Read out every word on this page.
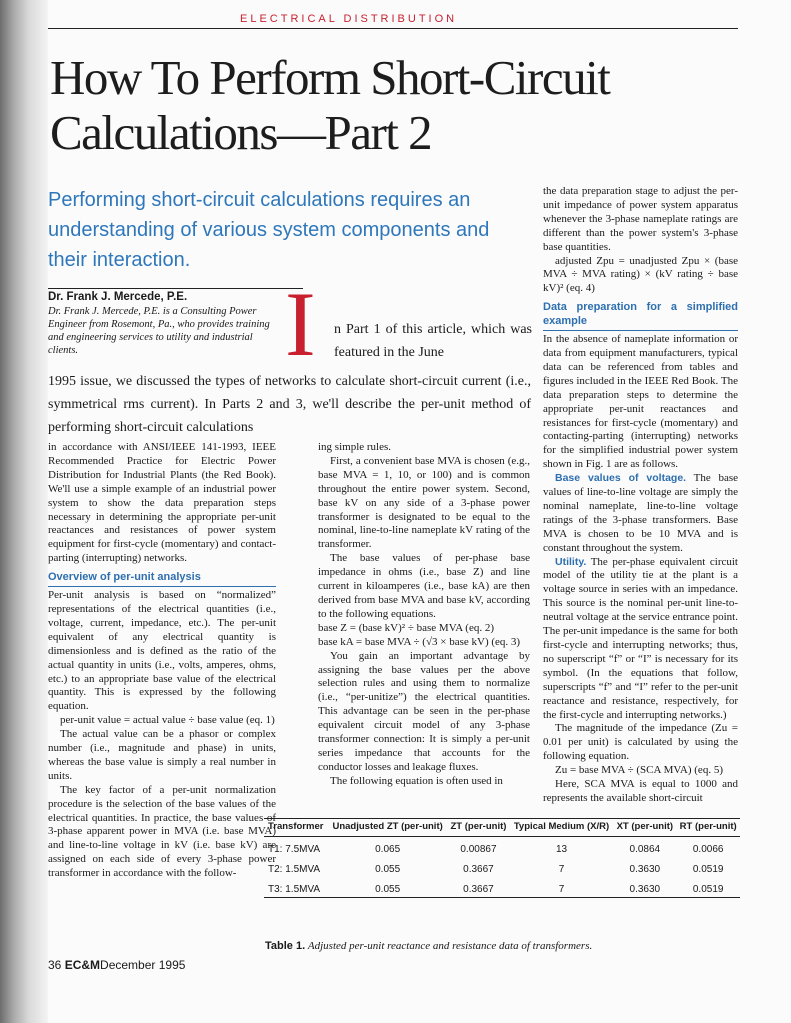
ELECTRICAL DISTRIBUTION
How To Perform Short-Circuit Calculations—Part 2
Performing short-circuit calculations requires an understanding of various system components and their interaction.
Dr. Frank J. Mercede, P.E.
Dr. Frank J. Mercede, P.E. is a Consulting Power Engineer from Rosemont, Pa., who provides training and engineering services to utility and industrial clients.	I n Part 1 of this article, which was featured in the June
1995 issue, we discussed the types of networks to calculate short-circuit current (i.e., symmetrical rms current). In Parts 2 and 3, we'll describe the per-unit method of performing short-circuit calculations

in accordance with ANSI/IEEE 141-1993, IEEE Recommended Practice for Electric Power Distribution for Industrial Plants (the Red Book). We'll use a simple example of an industrial power system to show the data preparation steps necessary in determining the appropriate per-unit reactances and resistances of power system equipment for first-cycle (momentary) and contact-parting (interrupting) networks.

Overview of per-unit analysis

Per-unit analysis is based on “normalized” representations of the electrical quantities (i.e., voltage, current, impedance, etc.). The per-unit equivalent of any electrical quantity is dimensionless and is defined as the ratio of the actual quantity in units (i.e., volts, amperes, ohms, etc.) to an appropriate base value of the electrical quantity. This is expressed by the following equation.

per-unit value = actual value ÷ base value (eq. 1)

The actual value can be a phasor or complex number (i.e., magnitude and phase) in units, whereas the base value is simply a real number in units.

The key factor of a per-unit normalization procedure is the selection of the base values of the electrical quantities. In practice, the base values of 3-phase apparent power in MVA (i.e. base MVA) and line-to-line voltage in kV (i.e. base kV) are assigned on each side of every 3-phase power transformer in accordance with the follow-

ing simple rules.

First, a convenient base MVA is chosen (e.g., base MVA = 1, 10, or 100) and is common throughout the entire power system. Second, base kV on any side of a 3-phase power transformer is designated to be equal to the nominal, line-to-line nameplate kV rating of the transformer.

The base values of per-phase base impedance in ohms (i.e., base Z) and line current in kiloamperes (i.e., base kA) are then derived from base MVA and base kV, according to the following equations.

base Z = (base kV)² ÷ base MVA (eq. 2)

base kA = base MVA ÷ (√3 × base kV) (eq. 3)

You gain an important advantage by assigning the base values per the above selection rules and using them to normalize (i.e., “per-unitize”) the electrical quantities. This advantage can be seen in the per-phase equivalent circuit model of any 3-phase transformer connection: It is simply a per-unit series impedance that accounts for the conductor losses and leakage fluxes.

The following equation is often used in

the data preparation stage to adjust the per-unit impedance of power system apparatus whenever the 3-phase nameplate ratings are different than the power system's 3-phase base quantities.

adjusted Zpu = unadjusted Zpu × (base MVA ÷ MVA rating) × (kV rating ÷ base kV)² (eq. 4)

Data preparation for a simplified example

In the absence of nameplate information or data from equipment manufacturers, typical data can be referenced from tables and figures included in the IEEE Red Book. The data preparation steps to determine the appropriate per-unit reactances and resistances for first-cycle (momentary) and contacting-parting (interrupting) networks for the simplified industrial power system shown in Fig. 1 are as follows.

Base values of voltage. The base values of line-to-line voltage are simply the nominal nameplate, line-to-line voltage ratings of the 3-phase transformers. Base MVA is chosen to be 10 MVA and is constant throughout the system.

Utility. The per-phase equivalent circuit model of the utility tie at the plant is a voltage source in series with an impedance. This source is the nominal per-unit line-to-neutral voltage at the service entrance point. The per-unit impedance is the same for both first-cycle and interrupting networks; thus, no superscript “f” or “I” is necessary for its symbol. (In the equations that follow, superscripts “f” and “I” refer to the per-unit reactance and resistance, respectively, for the first-cycle and interrupting networks.)

The magnitude of the impedance (Zu = 0.01 per unit) is calculated by using the following equation.

Zu = base MVA ÷ (SCA MVA) (eq. 5)

Here, SCA MVA is equal to 1000 and represents the available short-circuit

Transformer	Unadjusted ZT (per-unit)	ZT (per-unit)	Typical Medium (X/R)	XT (per-unit)	RT (per-unit)
T1: 7.5MVA	0.065	0.00867	13	0.0864	0.0066
T2: 1.5MVA	0.055	0.3667	7	0.3630	0.0519
T3: 1.5MVA	0.055	0.3667	7	0.3630	0.0519
Table 1. Adjusted per-unit reactance and resistance data of transformers.
36 EC&MDecember 1995
